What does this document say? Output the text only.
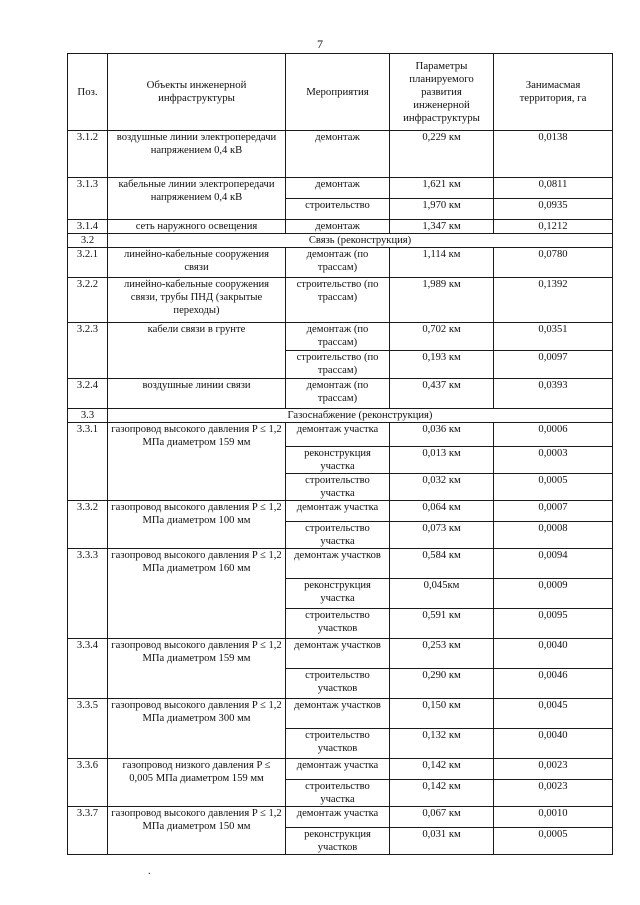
7
Поз.	Объекты инженерной инфраструктуры	Мероприятия	Параметры планируемого развития инженерной инфраструктуры	Занимасмая территория, га
3.1.2	воздушные линии электропередачи напряжением 0,4 кВ	демонтаж	0,229 км	0,0138
3.1.3	кабельные линии электропередачи напряжением 0,4 кВ	демонтаж	1,621 км	0,0811
		строительство	1,970 км	0,0935
3.1.4	сеть наружного освещения	демонтаж	1,347 км	0,1212
3.2	Связь (реконструкция)			
3.2.1	линейно-кабельные сооружения связи	демонтаж (по трассам)	1,114 км	0,0780
3.2.2	линейно-кабельные сооружения связи, трубы ПНД (закрытые переходы)	строительство (по трассам)	1,989 км	0,1392
3.2.3	кабели связи в грунте	демонтаж (по трассам)	0,702 км	0,0351
		строительство (по трассам)	0,193 км	0,0097
3.2.4	воздушные линии связи	демонтаж (по трассам)	0,437 км	0,0393
3.3	Газоснабжение (реконструкция)			
3.3.1	газопровод высокого давления P ≤ 1,2 МПа диаметром 159 мм	демонтаж участка	0,036 км	0,0006
		реконструкция участка	0,013 км	0,0003
		строительство участка	0,032 км	0,0005
3.3.2	газопровод высокого давления P ≤ 1,2 МПа диаметром 100 мм	демонтаж участка	0,064 км	0,0007
		строительство участка	0,073 км	0,0008
3.3.3	газопровод высокого давления P ≤ 1,2 МПа диаметром 160 мм	демонтаж участков	0,584 км	0,0094
		реконструкция участка	0,045км	0,0009
		строительство участков	0,591 км	0,0095
3.3.4	газопровод высокого давления P ≤ 1,2 МПа диаметром 159 мм	демонтаж участков	0,253 км	0,0040
		строительство участков	0,290 км	0,0046
3.3.5	газопровод высокого давления P ≤ 1,2 МПа диаметром 300 мм	демонтаж участков	0,150 км	0,0045
		строительство участков	0,132 км	0,0040
3.3.6	газопровод низкого давления P ≤ 0,005 МПа диаметром 159 мм	демонтаж участка	0,142 км	0,0023
		строительство участка	0,142 км	0,0023
3.3.7	газопровод высокого давления P ≤ 1,2 МПа диаметром 150 мм	демонтаж участка	0,067 км	0,0010
		реконструкция участков	0,031 км	0,0005
.
